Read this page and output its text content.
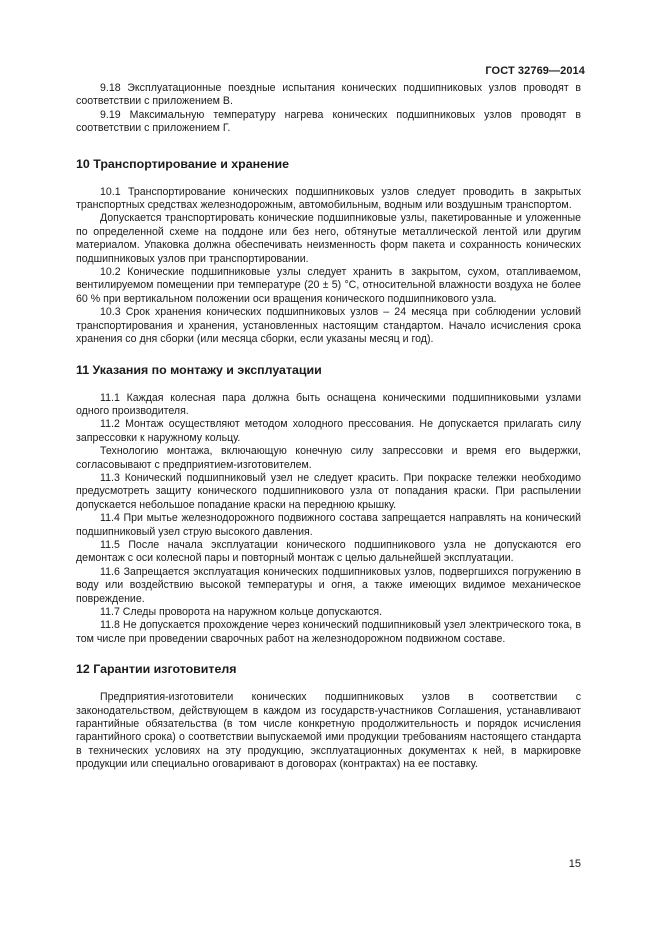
ГОСТ 32769—2014

9.18 Эксплуатационные поездные испытания конических подшипниковых узлов проводят в соответствии с приложением В.

9.19 Максимальную температуру нагрева конических подшипниковых узлов проводят в соответствии с приложением Г.

10 Транспортирование и хранение

10.1 Транспортирование конических подшипниковых узлов следует проводить в закрытых транспортных средствах железнодорожным, автомобильным, водным или воздушным транспортом.

Допускается транспортировать конические подшипниковые узлы, пакетированные и уложенные по определенной схеме на поддоне или без него, обтянутые металлической лентой или другим материалом. Упаковка должна обеспечивать неизменность форм пакета и сохранность конических подшипниковых узлов при транспортировании.

10.2 Конические подшипниковые узлы следует хранить в закрытом, сухом, отапливаемом, вентилируемом помещении при температуре (20 ± 5) °С, относительной влажности воздуха не более 60 % при вертикальном положении оси вращения конического подшипникового узла.

10.3 Срок хранения конических подшипниковых узлов – 24 месяца при соблюдении условий транспортирования и хранения, установленных настоящим стандартом. Начало исчисления срока хранения со дня сборки (или месяца сборки, если указаны месяц и год).

11 Указания по монтажу и эксплуатации

11.1 Каждая колесная пара должна быть оснащена коническими подшипниковыми узлами одного производителя.

11.2 Монтаж осуществляют методом холодного прессования. Не допускается прилагать силу запрессовки к наружному кольцу.

Технологию монтажа, включающую конечную силу запрессовки и время его выдержки, согласовывают с предприятием-изготовителем.

11.3 Конический подшипниковый узел не следует красить. При покраске тележки необходимо предусмотреть защиту конического подшипникового узла от попадания краски. При распылении допускается небольшое попадание краски на переднюю крышку.

11.4 При мытье железнодорожного подвижного состава запрещается направлять на конический подшипниковый узел струю высокого давления.

11.5 После начала эксплуатации конического подшипникового узла не допускаются его демонтаж с оси колесной пары и повторный монтаж с целью дальнейшей эксплуатации.

11.6 Запрещается эксплуатация конических подшипниковых узлов, подвергшихся погружению в воду или воздействию высокой температуры и огня, а также имеющих видимое механическое повреждение.

11.7 Следы проворота на наружном кольце допускаются.

11.8 Не допускается прохождение через конический подшипниковый узел электрического тока, в том числе при проведении сварочных работ на железнодорожном подвижном составе.

12 Гарантии изготовителя

Предприятия-изготовители конических подшипниковых узлов в соответствии с законодательством, действующем в каждом из государств-участников Соглашения, устанавливают гарантийные обязательства (в том числе конкретную продолжительность и порядок исчисления гарантийного срока) о соответствии выпускаемой ими продукции требованиям настоящего стандарта в технических условиях на эту продукцию, эксплуатационных документах к ней, в маркировке продукции или специально оговаривают в договорах (контрактах) на ее поставку.

15
